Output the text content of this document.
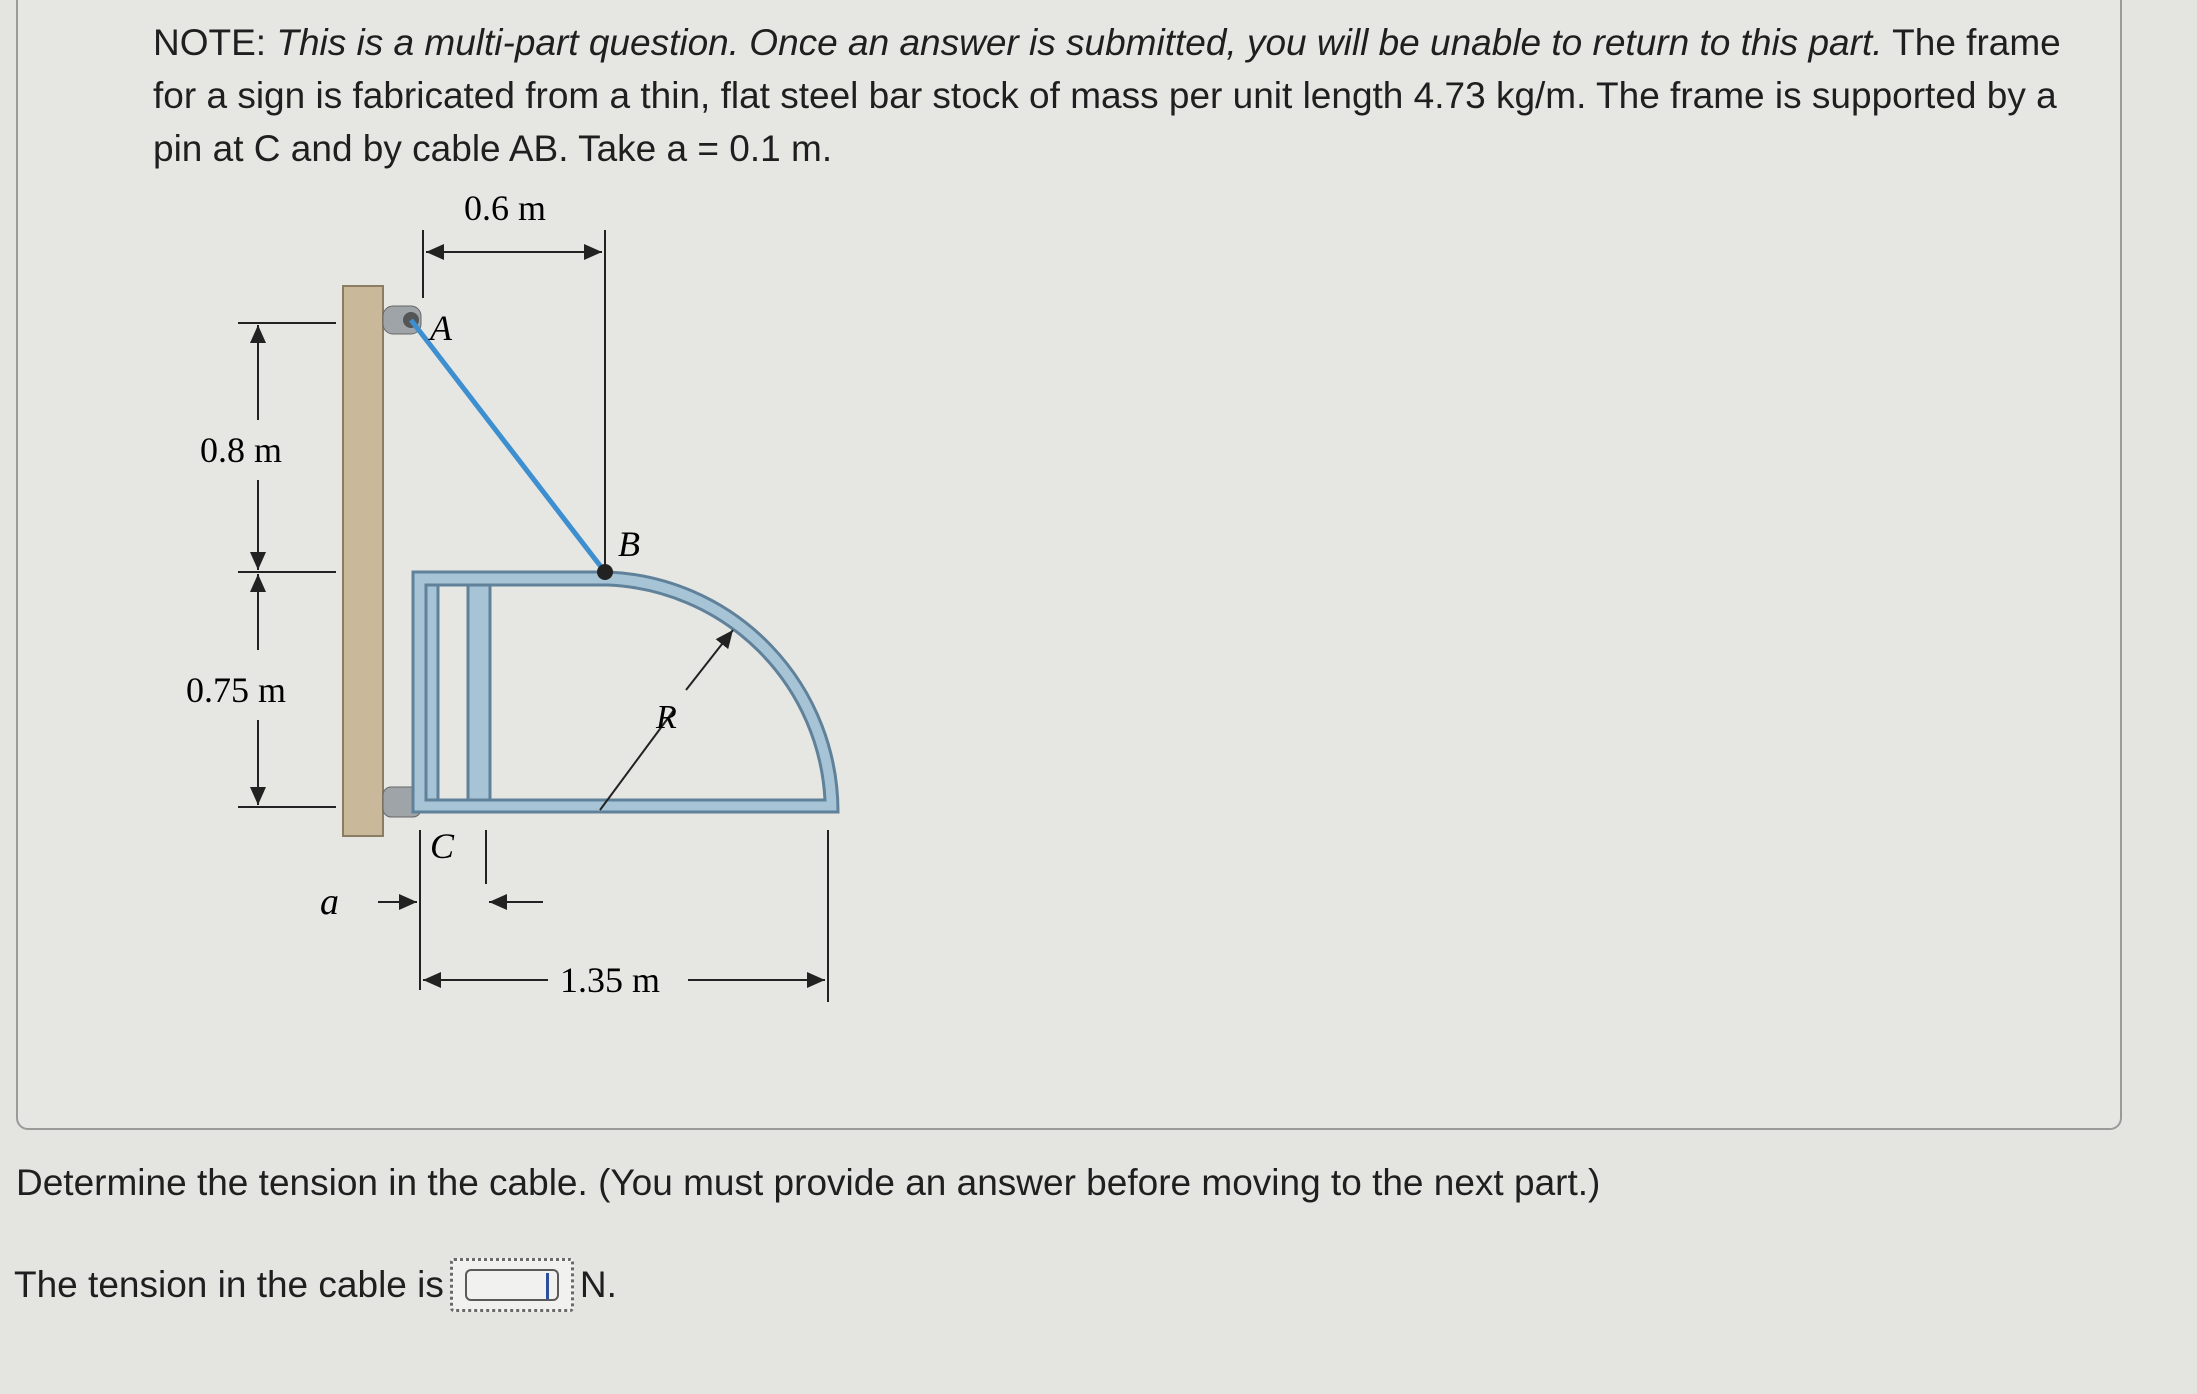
NOTE: This is a multi-part question. Once an answer is submitted, you will be unable to return to this part. The frame for a sign is fabricated from a thin, flat steel bar stock of mass per unit length 4.73 kg/m. The frame is supported by a pin at C and by cable AB. Take a = 0.1 m.
R
0.6 m
0.8 m
0.75 m
A
B
C
a
1.35 m
Determine the tension in the cable. (You must provide an answer before moving to the next part.)
The tension in the cable is	N.
